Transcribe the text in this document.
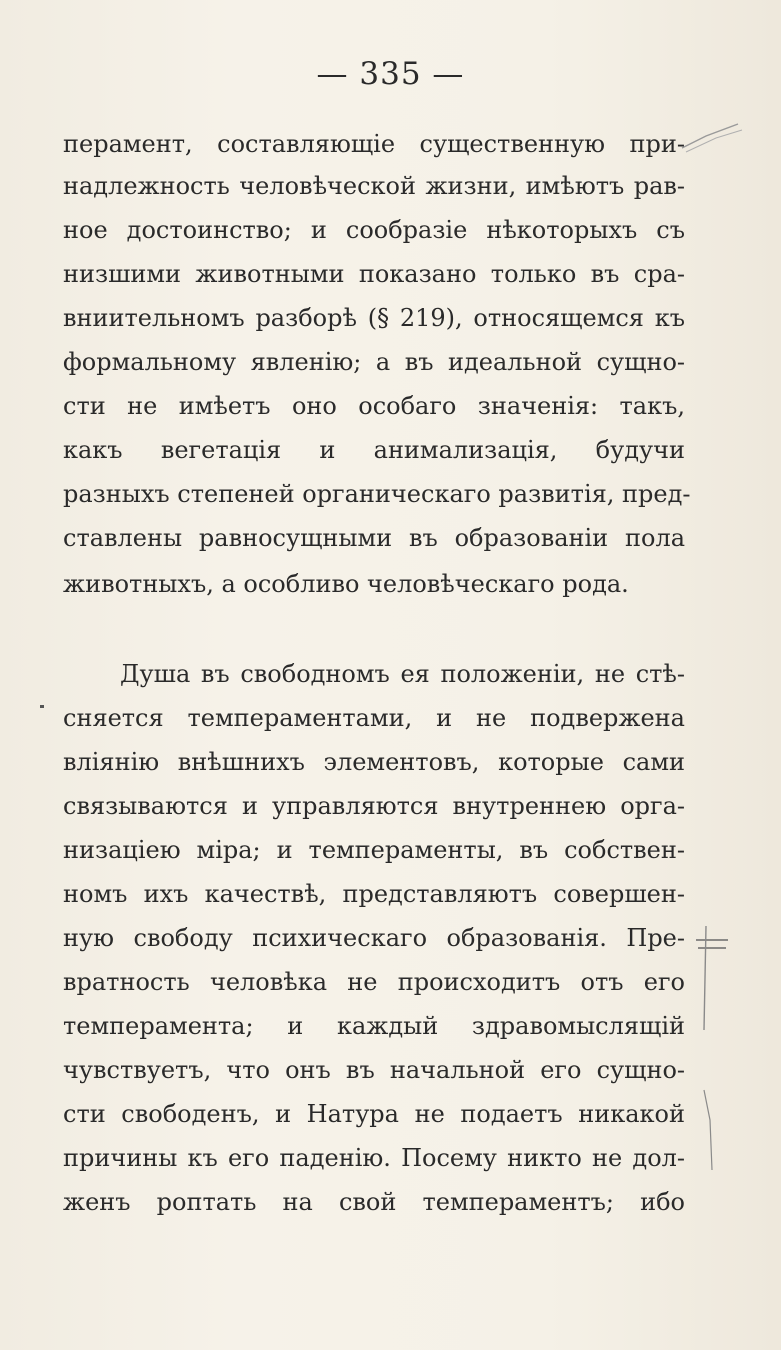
— 335 —
перамент, составляющіе существенную при-
надлежность человѣческой жизни, имѣютъ рав-
ное достоинство; и сообразіе нѣкоторыхъ съ
низшими животными показано только въ сра-
вниительномъ разборѣ (§ 219), относящемся къ
формальному явленію; а въ идеальной сущно-
сти не имѣетъ оно особаго значенія: такъ,
какъ вегетація и анимализація, будучи
разныхъ степеней органическаго развитія, пред-
ставлены равносущными въ образованіи пола
животныхъ, а особливо человѣческаго рода.
Душа въ свободномъ ея положеніи, не стѣ-
сняется темпераментами, и не подвержена
вліянію внѣшнихъ элементовъ, которые сами
связываются и управляются внутреннею орга-
низаціею міра; и темпераменты, въ собствен-
номъ ихъ качествѣ, представляютъ совершен-
ную свободу психическаго образованія. Пре-
вратность человѣка не происходитъ отъ его
темперамента; и каждый здравомыслящій
чувствуетъ, что онъ въ начальной его сущно-
сти свободенъ, и Натура не подаетъ никакой
причины къ его паденію. Посему никто не дол-
женъ роптать на свой темпераментъ; ибо
